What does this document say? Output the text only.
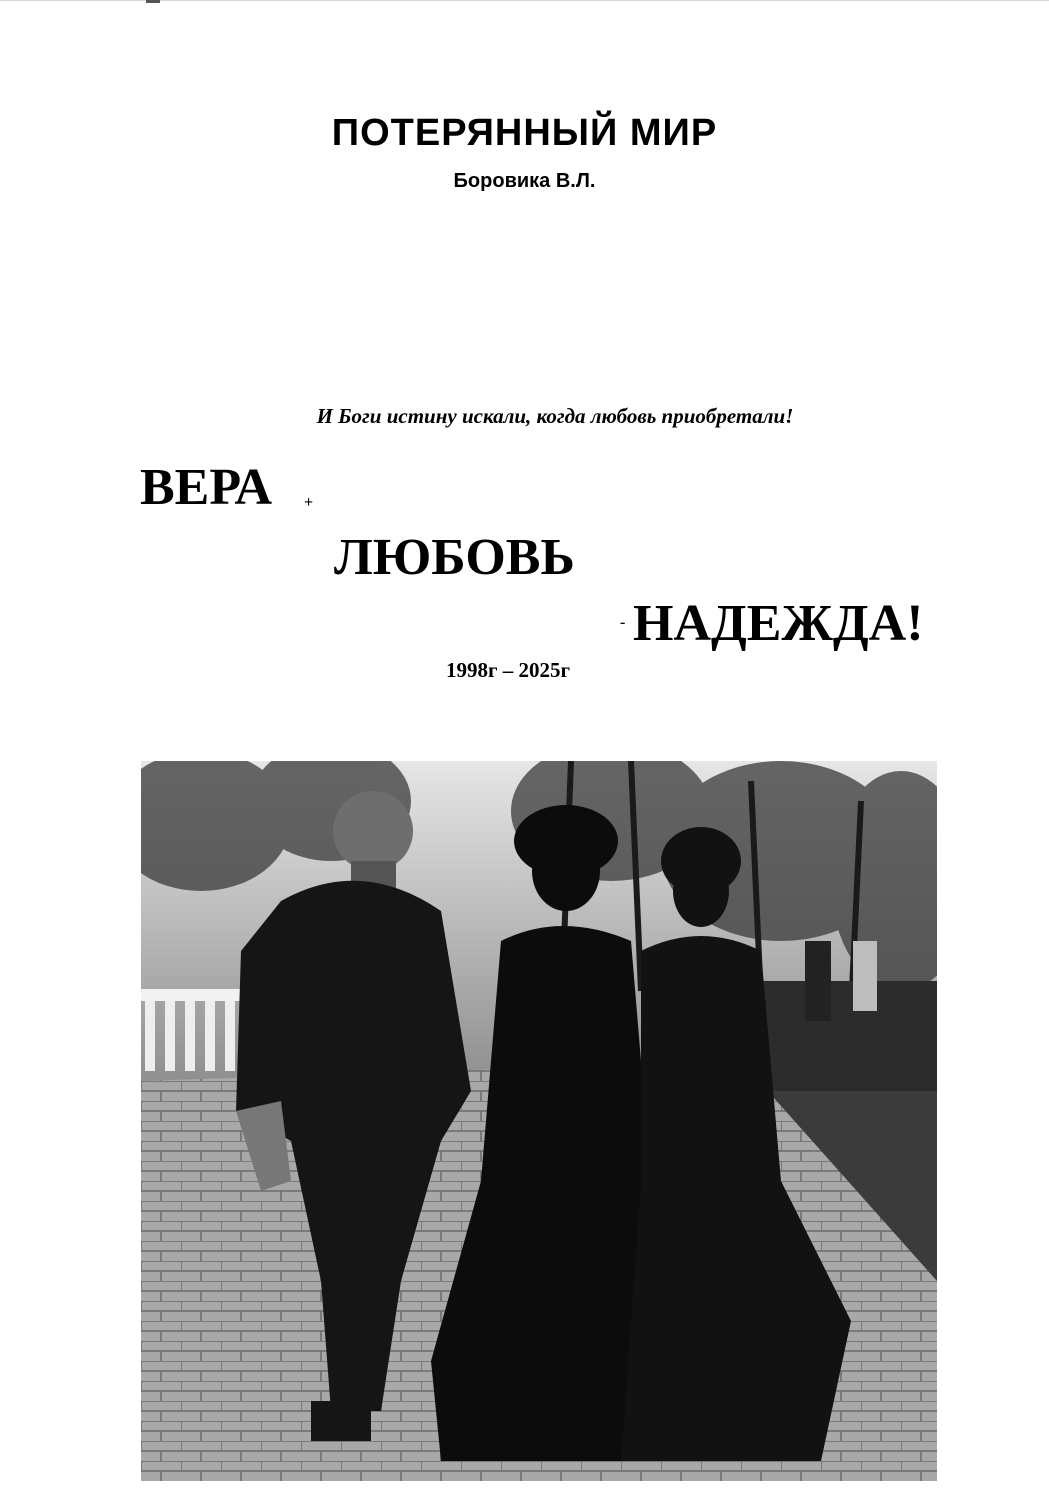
ПОТЕРЯННЫЙ МИР
Боровика В.Л.
И Боги истину искали, когда любовь приобретали!
ВЕРА +
ЛЮБОВЬ
- НАДЕЖДА!
1998г – 2025г
